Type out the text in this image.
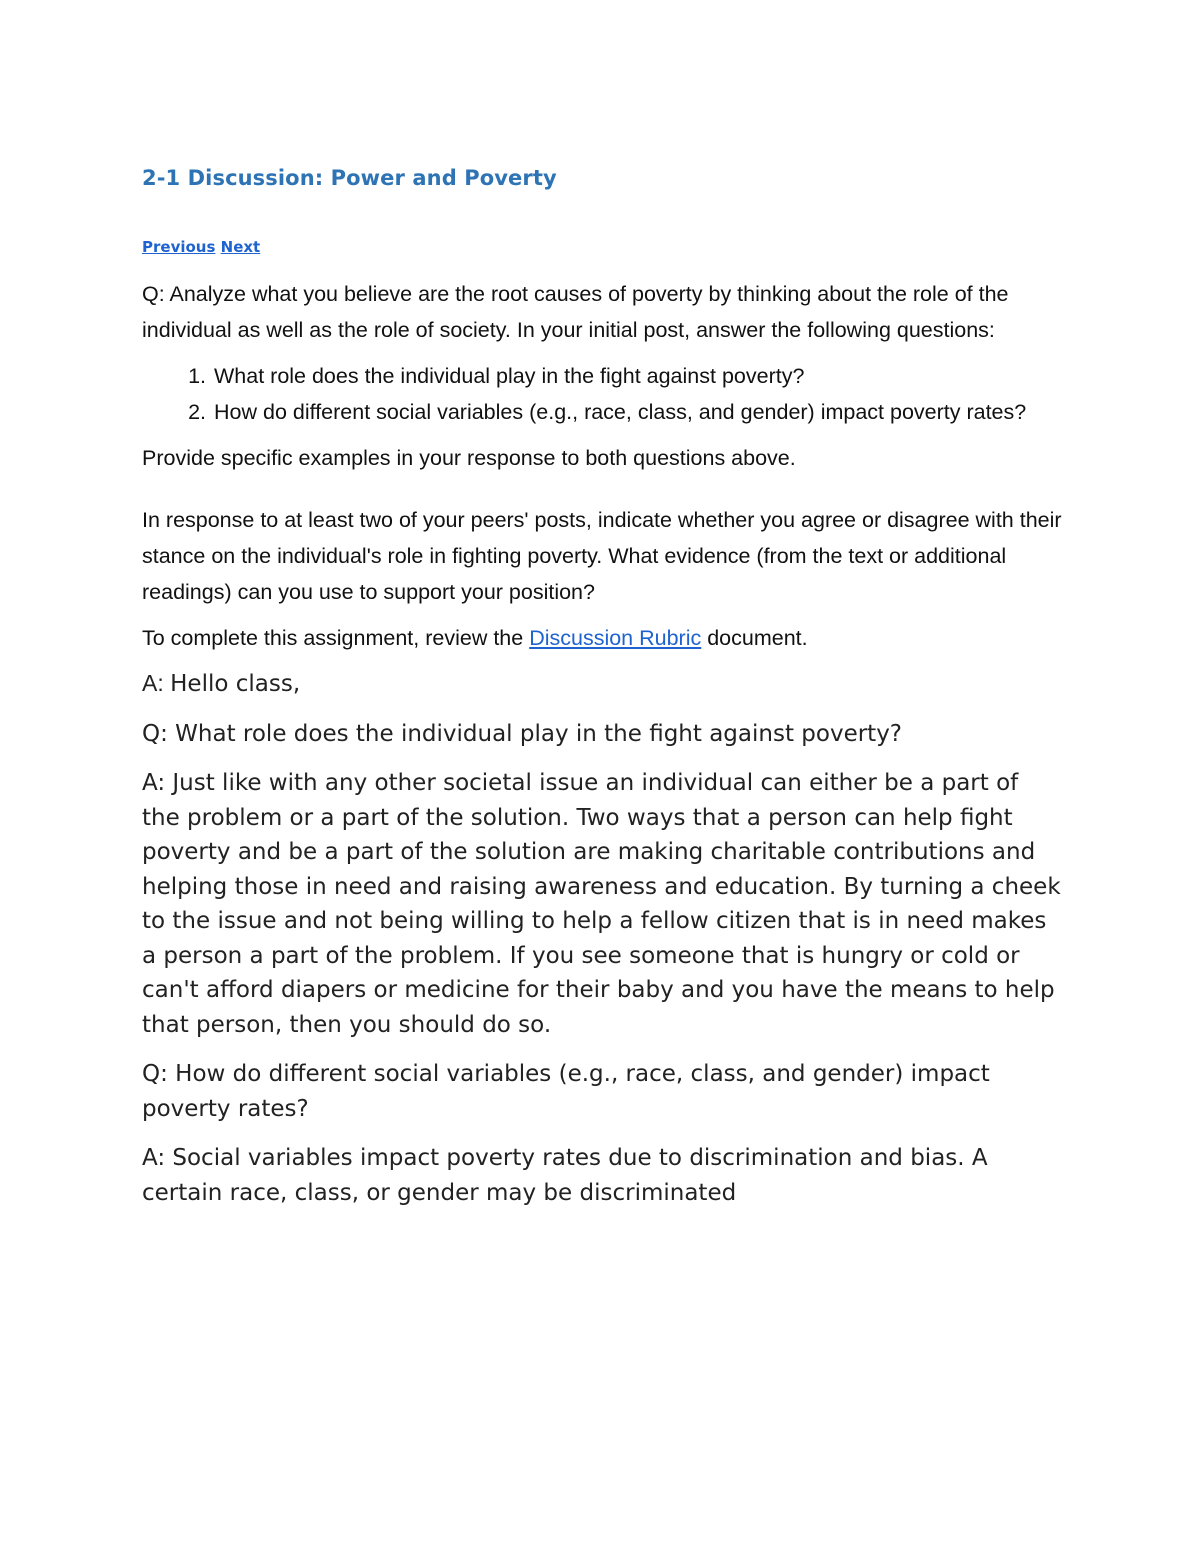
2-1 Discussion: Power and Poverty
Previous Next

Q: Analyze what you believe are the root causes of poverty by thinking about the role of the individual as well as the role of society. In your initial post, answer the following questions:

1. What role does the individual play in the fight against poverty?
2. How do different social variables (e.g., race, class, and gender) impact poverty rates?

Provide specific examples in your response to both questions above.

In response to at least two of your peers' posts, indicate whether you agree or disagree with their stance on the individual's role in fighting poverty. What evidence (from the text or additional readings) can you use to support your position?

To complete this assignment, review the Discussion Rubric document.

A: Hello class,

Q: What role does the individual play in the fight against poverty?

A: Just like with any other societal issue an individual can either be a part of the problem or a part of the solution. Two ways that a person can help fight poverty and be a part of the solution are making charitable contributions and helping those in need and raising awareness and education. By turning a cheek to the issue and not being willing to help a fellow citizen that is in need makes a person a part of the problem. If you see someone that is hungry or cold or can't afford diapers or medicine for their baby and you have the means to help that person, then you should do so.

Q: How do different social variables (e.g., race, class, and gender) impact poverty rates?

A: Social variables impact poverty rates due to discrimination and bias. A certain race, class, or gender may be discriminated
